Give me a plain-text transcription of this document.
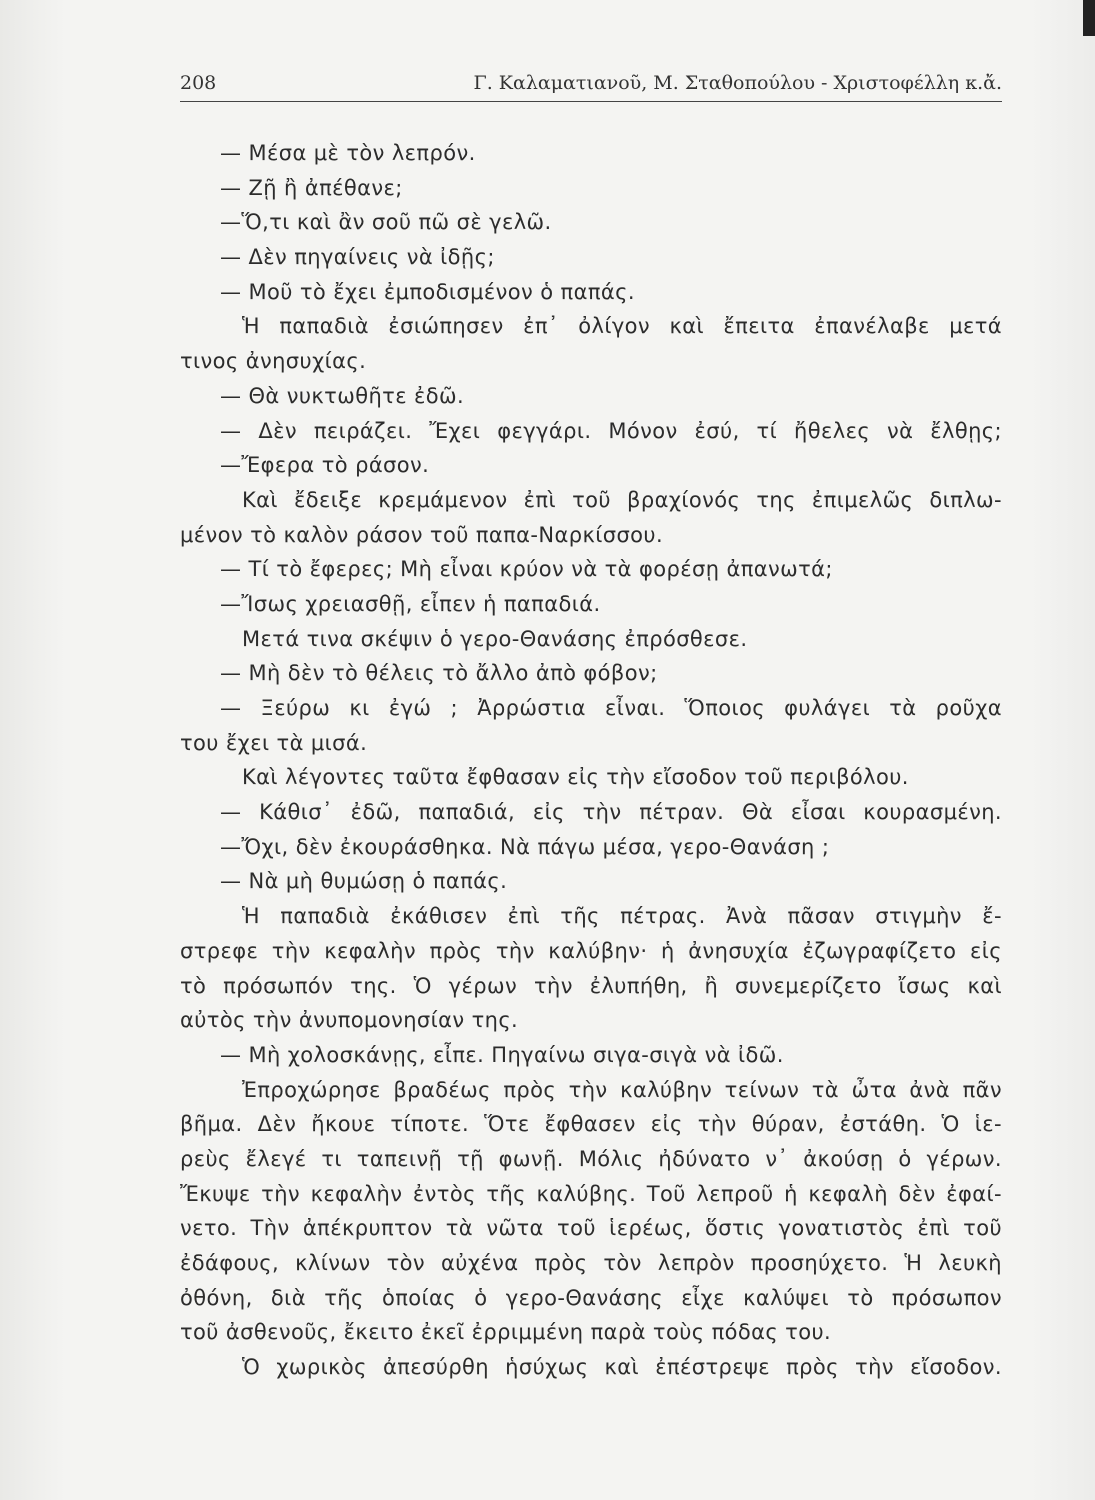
208	Γ. Καλαματιανοῦ, Μ. Σταθοπούλου - Χριστοφέλλη κ.ἄ.
— Μέσα μὲ τὸν λεπρόν.
— Ζῇ ἢ ἀπέθανε;
—Ὅ,τι καὶ ἂν σοῦ πῶ σὲ γελῶ.
— Δὲν πηγαίνεις νὰ ἰδῇς;
— Μοῦ τὸ ἔχει ἐμποδισμένον ὁ παπάς.
Ἡ παπαδιὰ ἐσιώπησεν ἐπ᾽ ὀλίγον καὶ ἔπειτα ἐπανέλαβε μετά
τινος ἀνησυχίας.
— Θὰ νυκτωθῆτε ἐδῶ.
— Δὲν πειράζει. Ἔχει φεγγάρι. Μόνον ἐσύ, τί ἤθελες νὰ ἔλθῃς;
—Ἔφερα τὸ ράσον.
Καὶ ἔδειξε κρεμάμενον ἐπὶ τοῦ βραχίονός της ἐπιμελῶς διπλω-
μένον τὸ καλὸν ράσον τοῦ παπα-Ναρκίσσου.
— Τί τὸ ἔφερες; Μὴ εἶναι κρύον νὰ τὰ φορέσῃ ἀπανωτά;
—Ἴσως χρειασθῇ, εἶπεν ἡ παπαδιά.
Μετά τινα σκέψιν ὁ γερο-Θανάσης ἐπρόσθεσε.
— Μὴ δὲν τὸ θέλεις τὸ ἄλλο ἀπὸ φόβον;
— Ξεύρω κι ἐγώ ; Ἀρρώστια εἶναι. Ὅποιος φυλάγει τὰ ροῦχα
του ἔχει τὰ μισά.
Καὶ λέγοντες ταῦτα ἔφθασαν εἰς τὴν εἴσοδον τοῦ περιβόλου.
— Κάθισ᾽ ἐδῶ, παπαδιά, εἰς τὴν πέτραν. Θὰ εἶσαι κουρασμένη.
—Ὄχι, δὲν ἐκουράσθηκα. Νὰ πάγω μέσα, γερο-Θανάση ;
— Νὰ μὴ θυμώσῃ ὁ παπάς.
Ἡ παπαδιὰ ἐκάθισεν ἐπὶ τῆς πέτρας. Ἀνὰ πᾶσαν στιγμὴν ἔ-
στρεφε τὴν κεφαλὴν πρὸς τὴν καλύβην· ἡ ἀνησυχία ἐζωγραφίζετο εἰς
τὸ πρόσωπόν της. Ὁ γέρων τὴν ἐλυπήθη, ἢ συνεμερίζετο ἴσως καὶ
αὐτὸς τὴν ἀνυπομονησίαν της.
— Μὴ χολοσκάνῃς, εἶπε. Πηγαίνω σιγα-σιγὰ νὰ ἰδῶ.
Ἐπροχώρησε βραδέως πρὸς τὴν καλύβην τείνων τὰ ὦτα ἀνὰ πᾶν
βῆμα. Δὲν ἤκουε τίποτε. Ὅτε ἔφθασεν εἰς τὴν θύραν, ἐστάθη. Ὁ ἱε-
ρεὺς ἔλεγέ τι ταπεινῇ τῇ φωνῇ. Μόλις ἠδύνατο ν᾽ ἀκούσῃ ὁ γέρων.
Ἔκυψε τὴν κεφαλὴν ἐντὸς τῆς καλύβης. Τοῦ λεπροῦ ἡ κεφαλὴ δὲν ἐφαί-
νετο. Τὴν ἀπέκρυπτον τὰ νῶτα τοῦ ἱερέως, ὅστις γονατιστὸς ἐπὶ τοῦ
ἐδάφους, κλίνων τὸν αὐχένα πρὸς τὸν λεπρὸν προσηύχετο. Ἡ λευκὴ
ὀθόνη, διὰ τῆς ὁποίας ὁ γερο-Θανάσης εἶχε καλύψει τὸ πρόσωπον
τοῦ ἀσθενοῦς, ἔκειτο ἐκεῖ ἐρριμμένη παρὰ τοὺς πόδας του.
Ὁ χωρικὸς ἀπεσύρθη ἡσύχως καὶ ἐπέστρεψε πρὸς τὴν εἴσοδον.
